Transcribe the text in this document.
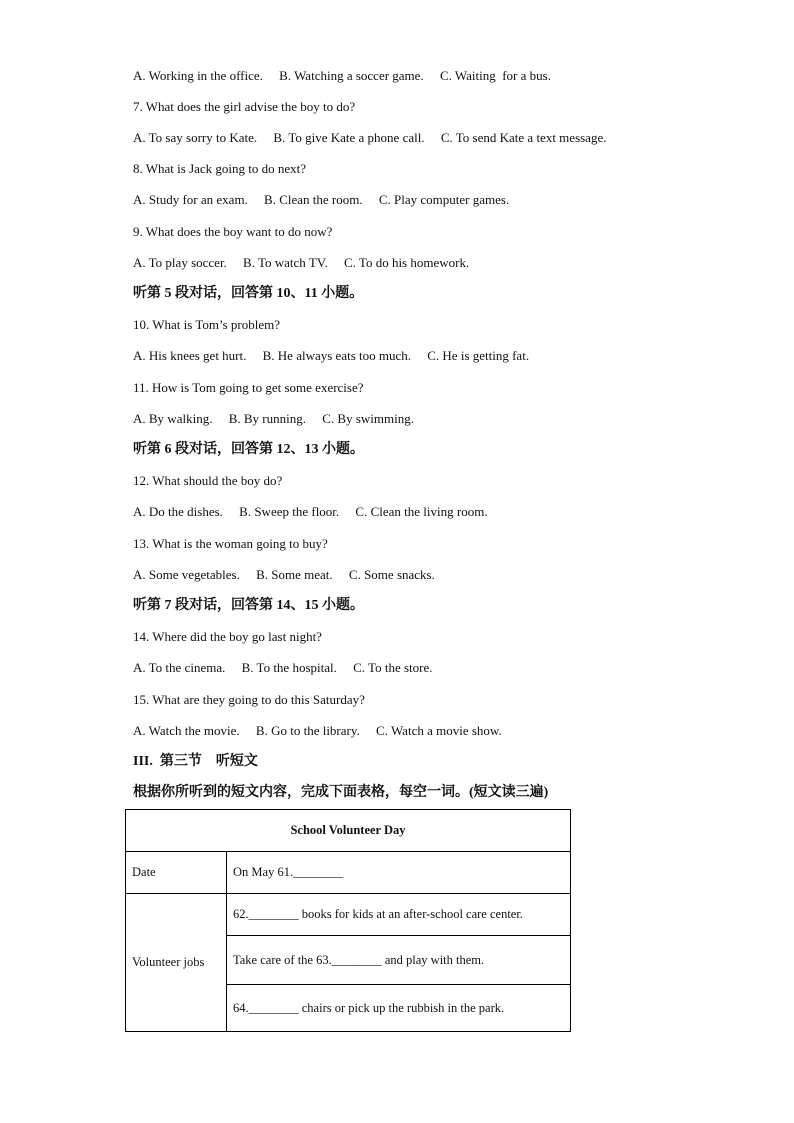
A. Working in the office.     B. Watching a soccer game.     C. Waiting  for a bus.
7. What does the girl advise the boy to do?
A. To say sorry to Kate.     B. To give Kate a phone call.     C. To send Kate a text message.
8. What is Jack going to do next?
A. Study for an exam.     B. Clean the room.     C. Play computer games.
9. What does the boy want to do now?
A. To play soccer.     B. To watch TV.     C. To do his homework.
听第 5 段对话，回答第 10、11 小题。
10. What is Tom’s problem?
A. His knees get hurt.     B. He always eats too much.     C. He is getting fat.
11. How is Tom going to get some exercise?
A. By walking.     B. By running.     C. By swimming.
听第 6 段对话，回答第 12、13 小题。
12. What should the boy do?
A. Do the dishes.     B. Sweep the floor.     C. Clean the living room.
13. What is the woman going to buy?
A. Some vegetables.     B. Some meat.     C. Some snacks.
听第 7 段对话，回答第 14、15 小题。
14. Where did the boy go last night?
A. To the cinema.     B. To the hospital.     C. To the store.
15. What are they going to do this Saturday?
A. Watch the movie.     B. Go to the library.     C. Watch a movie show.
III.  第三节    听短文
根据你所听到的短文内容，完成下面表格，每空一词。(短文读三遍)
School Volunteer Day	
Date	On May 61.________
Volunteer jobs	62.________ books for kids at an after-school care center.
	Take care of the 63.________ and play with them.
	64.________ chairs or pick up the rubbish in the park.
